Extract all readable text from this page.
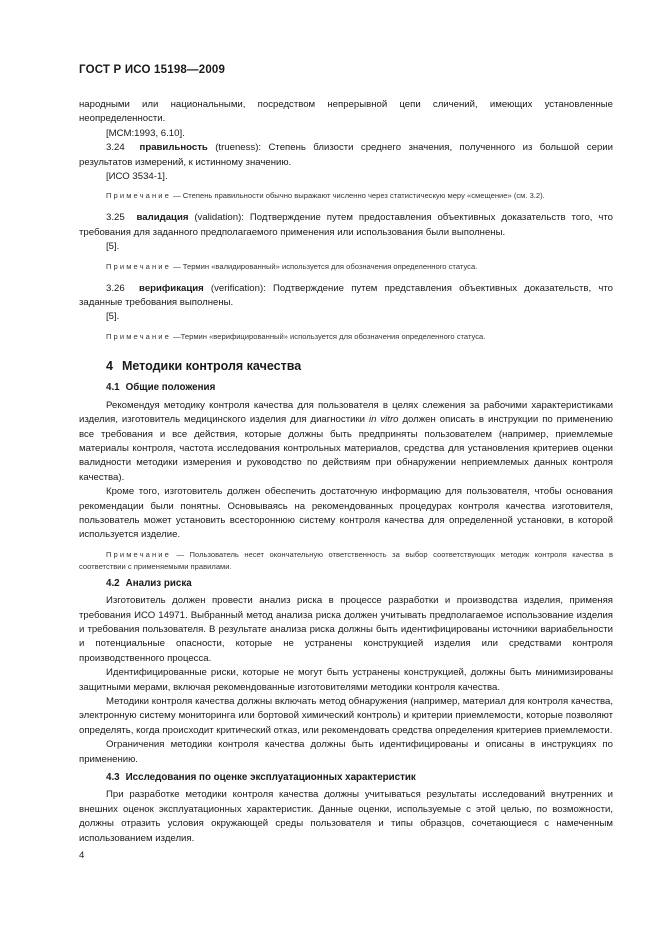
ГОСТ Р ИСО 15198—2009

народными или национальными, посредством непрерывной цепи сличений, имеющих установленные неопределенности.

[МСМ:1993, 6.10].

3.24 правильность (trueness): Степень близости среднего значения, полученного из большой серии результатов измерений, к истинному значению.

[ИСО 3534-1].

Примечание — Степень правильности обычно выражают численно через статистическую меру «смещение» (см. 3.2).

3.25 валидация (validation): Подтверждение путем предоставления объективных доказательств того, что требования для заданного предполагаемого применения или использования были выполнены.

[5].

Примечание — Термин «валидированный» используется для обозначения определенного статуса.

3.26 верификация (verification): Подтверждение путем представления объективных доказательств, что заданные требования выполнены.

[5].

Примечание —Термин «верифицированный» используется для обозначения определенного статуса.

4 Методики контроля качества

4.1 Общие положения

Рекомендуя методику контроля качества для пользователя в целях слежения за рабочими характеристиками изделия, изготовитель медицинского изделия для диагностики in vitro должен описать в инструкции по применению все требования и все действия, которые должны быть предприняты пользователем (например, приемлемые материалы контроля, частота исследования контрольных материалов, средства для установления критериев оценки валидности методики измерения и руководство по действиям при обнаружении неприемлемых данных контроля качества).

Кроме того, изготовитель должен обеспечить достаточную информацию для пользователя, чтобы основания рекомендации были понятны. Основываясь на рекомендованных процедурах контроля качества изготовителя, пользователь может установить всестороннюю систему контроля качества для определенной установки, в которой используется изделие.

Примечание — Пользователь несет окончательную ответственность за выбор соответствующих методик контроля качества в соответствии с применяемыми правилами.

4.2 Анализ риска

Изготовитель должен провести анализ риска в процессе разработки и производства изделия, применяя требования ИСО 14971. Выбранный метод анализа риска должен учитывать предполагаемое использование изделия и требования пользователя. В результате анализа риска должны быть идентифицированы источники вариабельности и потенциальные опасности, которые не устранены конструкцией изделия или средствами контроля производственного процесса.

Идентифицированные риски, которые не могут быть устранены конструкцией, должны быть минимизированы защитными мерами, включая рекомендованные изготовителями методики контроля качества.

Методики контроля качества должны включать метод обнаружения (например, материал для контроля качества, электронную систему мониторинга или бортовой химический контроль) и критерии приемлемости, которые позволяют определять, когда происходит критический отказ, или рекомендовать средства определения критериев приемлемости.

Ограничения методики контроля качества должны быть идентифицированы и описаны в инструкциях по применению.

4.3 Исследования по оценке эксплуатационных характеристик

При разработке методики контроля качества должны учитываться результаты исследований внутренних и внешних оценок эксплуатационных характеристик. Данные оценки, используемые с этой целью, по возможности, должны отразить условия окружающей среды пользователя и типы образцов, сочетающиеся с намеченным использованием изделия.

4
